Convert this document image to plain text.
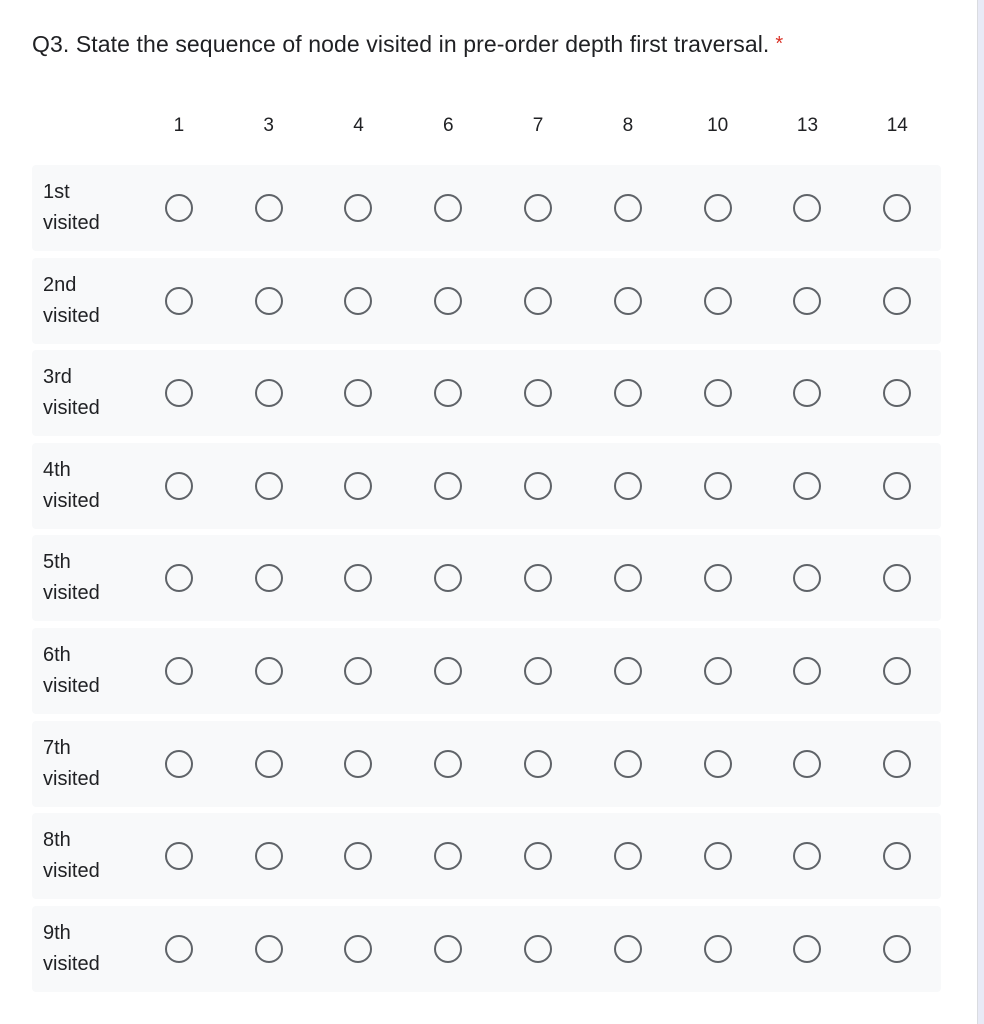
Q3. State the sequence of node visited in pre-order depth first traversal. *
1	3	4	6	7	8	10	13	14
1st
visited
2nd
visited
3rd
visited
4th
visited
5th
visited
6th
visited
7th
visited
8th
visited
9th
visited
